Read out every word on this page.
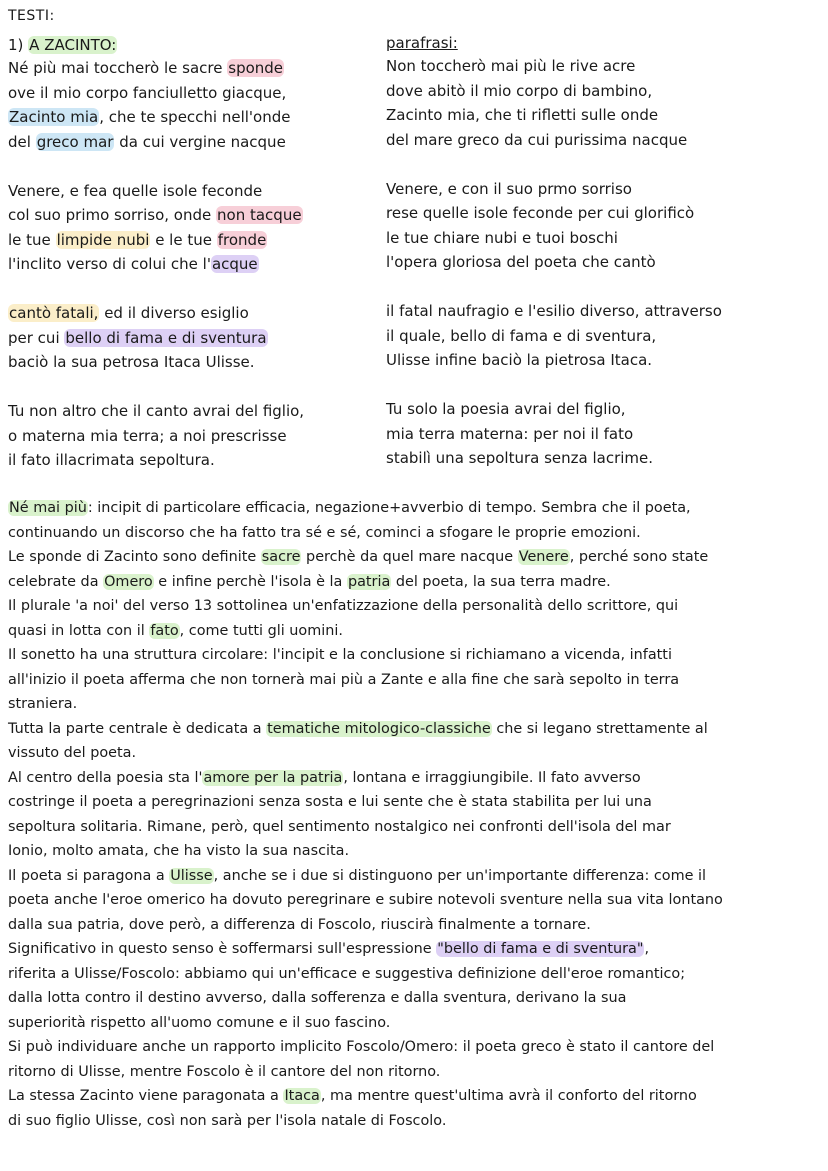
TESTI:
1) A ZACINTO:	parafrasi:
Né più mai toccherò le sacre sponde
ove il mio corpo fanciulletto giacque,
Zacinto mia, che te specchi nell'onde
del greco mar da cui vergine nacque
Venere, e fea quelle isole feconde
col suo primo sorriso, onde non tacque
le tue limpide nubi e le tue fronde
l'inclito verso di colui che l'acque
cantò fatali, ed il diverso esiglio
per cui bello di fama e di sventura
baciò la sua petrosa Itaca Ulisse.
Tu non altro che il canto avrai del figlio,
o materna mia terra; a noi prescrisse
il fato illacrimata sepoltura.
Non toccherò mai più le rive acre
dove abitò il mio corpo di bambino,
Zacinto mia, che ti rifletti sulle onde
del mare greco da cui purissima nacque
Venere, e con il suo prmo sorriso
rese quelle isole feconde per cui glorificò
le tue chiare nubi e tuoi boschi
l'opera gloriosa del poeta che cantò
il fatal naufragio e l'esilio diverso, attraverso
il quale, bello di fama e di sventura,
Ulisse infine baciò la pietrosa Itaca.
Tu solo la poesia avrai del figlio,
mia terra materna: per noi il fato
stabilì una sepoltura senza lacrime.
Né mai più: incipit di particolare efficacia, negazione+avverbio di tempo. Sembra che il poeta,
continuando un discorso che ha fatto tra sé e sé, cominci a sfogare le proprie emozioni.
Le sponde di Zacinto sono definite sacre perchè da quel mare nacque Venere, perché sono state
celebrate da Omero e infine perchè l'isola è la patria del poeta, la sua terra madre.
Il plurale 'a noi' del verso 13 sottolinea un'enfatizzazione della personalità dello scrittore, qui
quasi in lotta con il fato, come tutti gli uomini.
Il sonetto ha una struttura circolare: l'incipit e la conclusione si richiamano a vicenda, infatti
all'inizio il poeta afferma che non tornerà mai più a Zante e alla fine che sarà sepolto in terra
straniera.
Tutta la parte centrale è dedicata a tematiche mitologico-classiche che si legano strettamente al
vissuto del poeta.
Al centro della poesia sta l'amore per la patria, lontana e irraggiungibile. Il fato avverso
costringe il poeta a peregrinazioni senza sosta e lui sente che è stata stabilita per lui una
sepoltura solitaria. Rimane, però, quel sentimento nostalgico nei confronti dell'isola del mar
Ionio, molto amata, che ha visto la sua nascita.
Il poeta si paragona a Ulisse, anche se i due si distinguono per un'importante differenza: come il
poeta anche l'eroe omerico ha dovuto peregrinare e subire notevoli sventure nella sua vita lontano
dalla sua patria, dove però, a differenza di Foscolo, riuscirà finalmente a tornare.
Significativo in questo senso è soffermarsi sull'espressione "bello di fama e di sventura",
riferita a Ulisse/Foscolo: abbiamo qui un'efficace e suggestiva definizione dell'eroe romantico;
dalla lotta contro il destino avverso, dalla sofferenza e dalla sventura, derivano la sua
superiorità rispetto all'uomo comune e il suo fascino.
Si può individuare anche un rapporto implicito Foscolo/Omero: il poeta greco è stato il cantore del
ritorno di Ulisse, mentre Foscolo è il cantore del non ritorno.
La stessa Zacinto viene paragonata a Itaca, ma mentre quest'ultima avrà il conforto del ritorno
di suo figlio Ulisse, così non sarà per l'isola natale di Foscolo.
